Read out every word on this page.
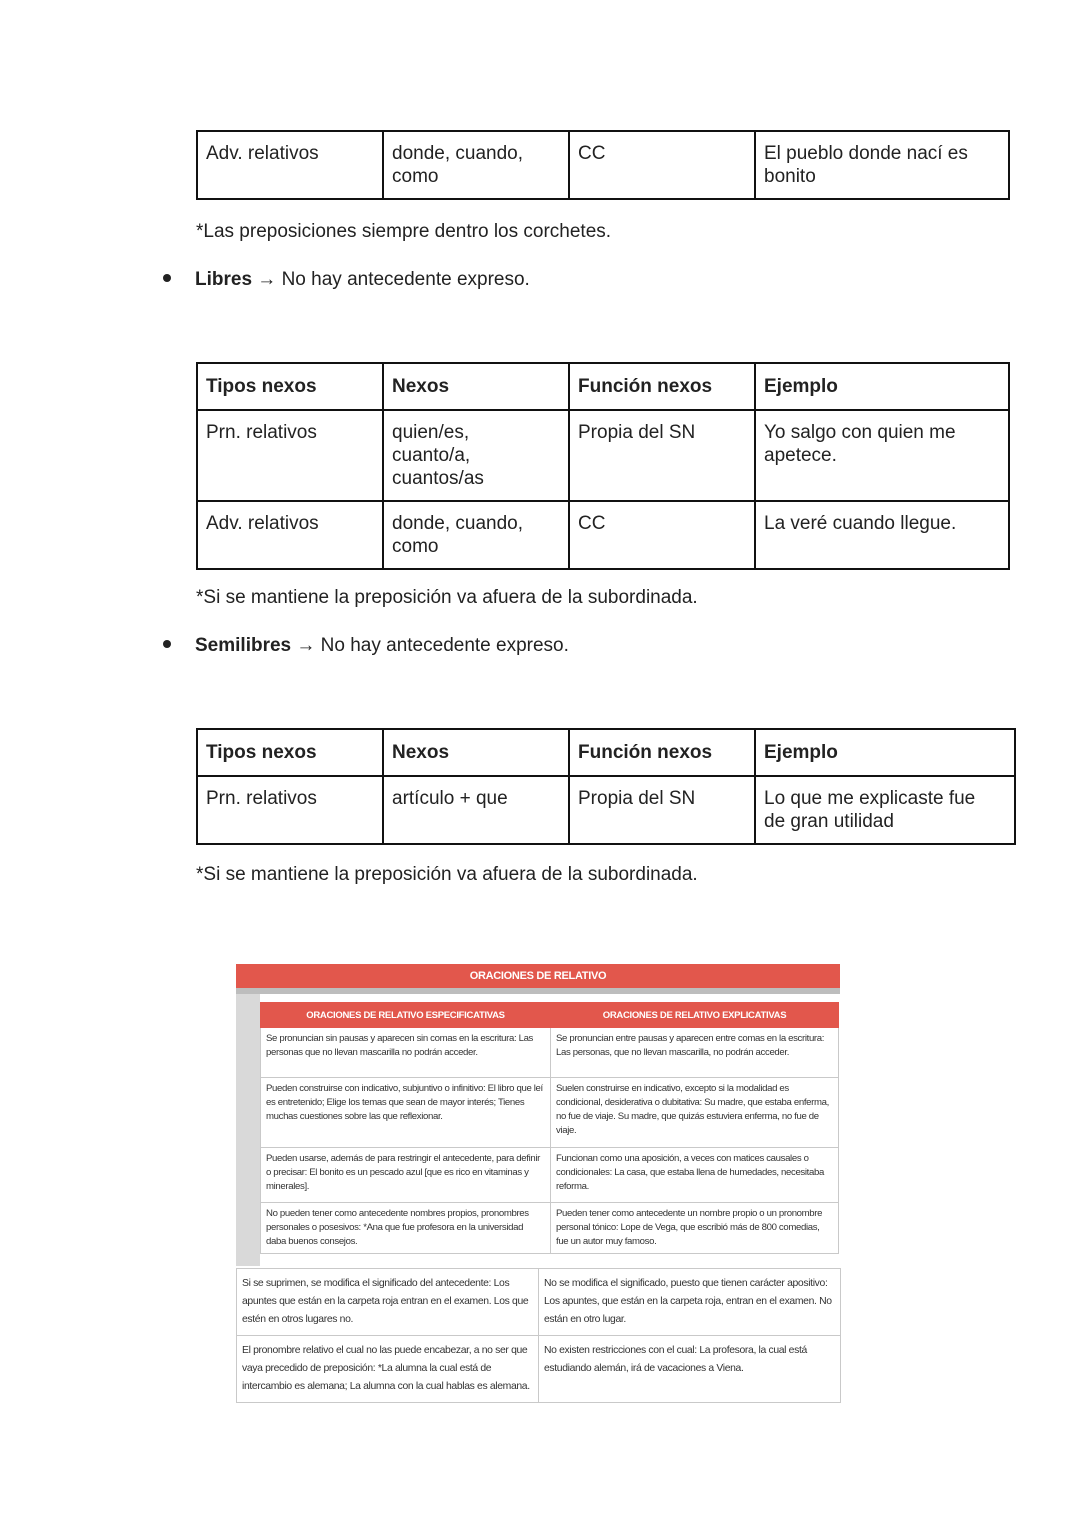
Adv. relativos	donde, cuando,
como	CC	El pueblo donde nací es
bonito
*Las preposiciones siempre dentro los corchetes.
Libres → No hay antecedente expreso.
Tipos nexos	Nexos	Función nexos	Ejemplo
Prn. relativos	quien/es,
cuanto/a,
cuantos/as	Propia del SN	Yo salgo con quien me
apetece.
Adv. relativos	donde, cuando,
como	CC	La veré cuando llegue.
*Si se mantiene la preposición va afuera de la subordinada.
Semilibres → No hay antecedente expreso.
Tipos nexos	Nexos	Función nexos	Ejemplo
Prn. relativos	artículo + que	Propia del SN	Lo que me explicaste fue
de gran utilidad
*Si se mantiene la preposición va afuera de la subordinada.
ORACIONES DE RELATIVO
ORACIONES DE RELATIVO ESPECIFICATIVAS	ORACIONES DE RELATIVO EXPLICATIVAS
Se pronuncian sin pausas y aparecen sin comas en la escritura: Las personas que no llevan mascarilla no podrán acceder.	Se pronuncian entre pausas y aparecen entre comas en la escritura: Las personas, que no llevan mascarilla, no podrán acceder.
Pueden construirse con indicativo, subjuntivo o infinitivo: El libro que leí es entretenido; Elige los temas que sean de mayor interés; Tienes muchas cuestiones sobre las que reflexionar.	Suelen construirse en indicativo, excepto si la modalidad es condicional, desiderativa o dubitativa: Su madre, que estaba enferma, no fue de viaje. Su madre, que quizás estuviera enferma, no fue de viaje.
Pueden usarse, además de para restringir el antecedente, para definir o precisar: El bonito es un pescado azul [que es rico en vitaminas y minerales].	Funcionan como una aposición, a veces con matices causales o condicionales: La casa, que estaba llena de humedades, necesitaba reforma.
No pueden tener como antecedente nombres propios, pronombres personales o posesivos: *Ana que fue profesora en la universidad daba buenos consejos.	Pueden tener como antecedente un nombre propio o un pronombre personal tónico: Lope de Vega, que escribió más de 800 comedias, fue un autor muy famoso.
Si se suprimen, se modifica el significado del antecedente: Los apuntes que están en la carpeta roja entran en el examen. Los que estén en otros lugares no.	No se modifica el significado, puesto que tienen carácter apositivo: Los apuntes, que están en la carpeta roja, entran en el examen. No están en otro lugar.
El pronombre relativo el cual no las puede encabezar, a no ser que vaya precedido de preposición: *La alumna la cual está de intercambio es alemana; La alumna con la cual hablas es alemana.	No existen restricciones con el cual: La profesora, la cual está estudiando alemán, irá de vacaciones a Viena.
